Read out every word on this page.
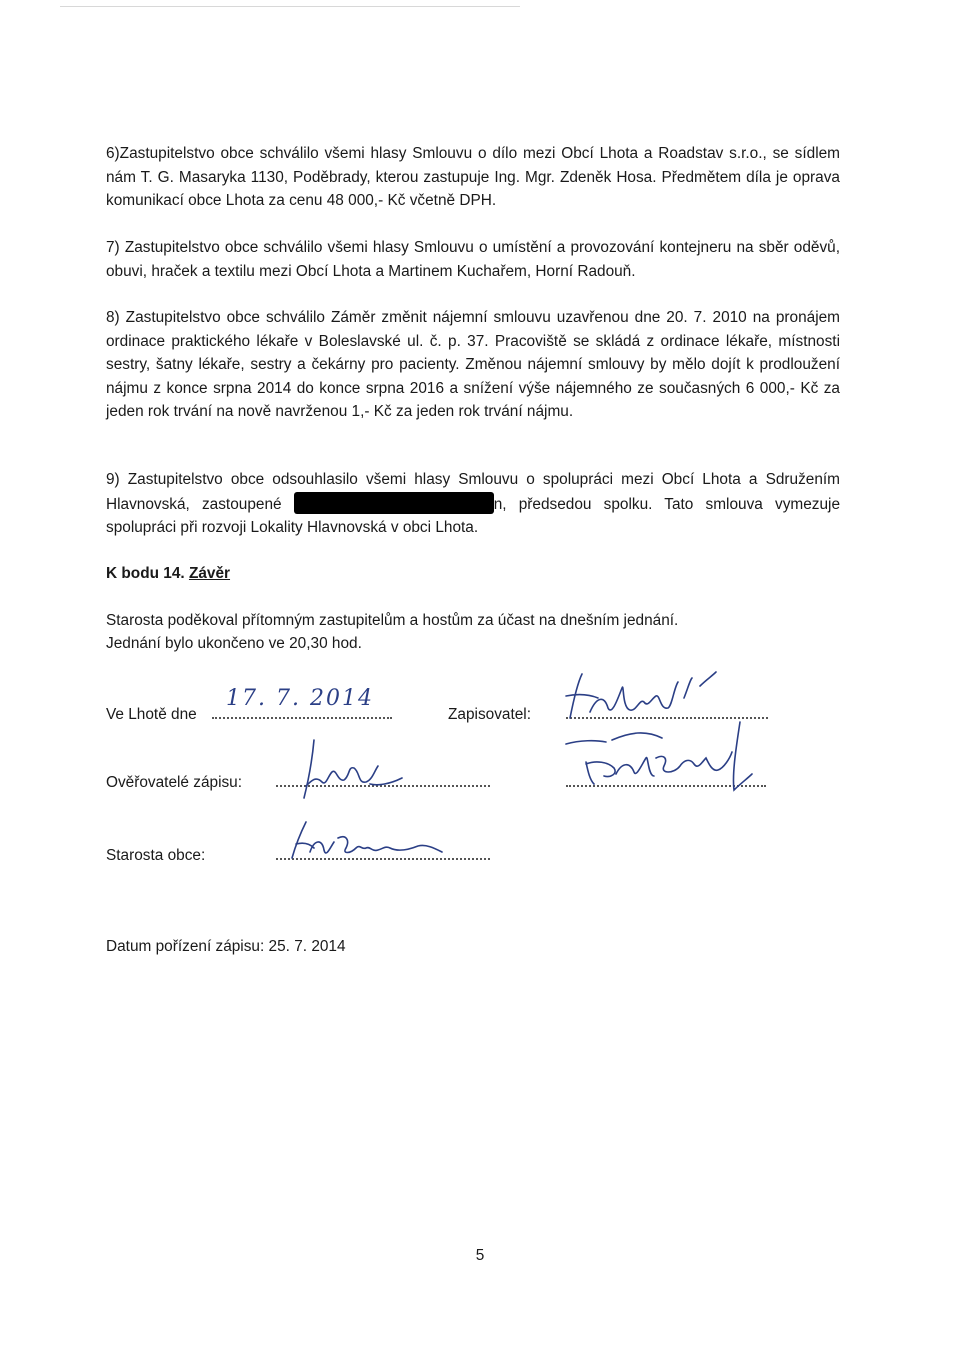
6)Zastupitelstvo obce schválilo všemi hlasy Smlouvu o dílo mezi Obcí Lhota a Roadstav s.r.o., se sídlem nám T. G. Masaryka 1130, Poděbrady, kterou zastupuje Ing. Mgr. Zdeněk Hosa. Předmětem díla je oprava komunikací obce Lhota za cenu 48 000,- Kč včetně DPH.

7) Zastupitelstvo obce schválilo všemi hlasy Smlouvu o umístění a provozování kontejneru na sběr oděvů, obuvi, hraček a textilu mezi Obcí Lhota a Martinem Kuchařem, Horní Radouň.

8) Zastupitelstvo obce schválilo Záměr změnit nájemní smlouvu uzavřenou dne 20. 7. 2010 na pronájem ordinace praktického lékaře v Boleslavské ul. č. p. 37. Pracoviště se skládá z ordinace lékaře, místnosti sestry, šatny lékaře, sestry a čekárny pro pacienty. Změnou nájemní smlouvy by mělo dojít k prodloužení nájmu z konce srpna 2014 do konce srpna 2016 a snížení výše nájemného ze současných 6 000,- Kč za jeden rok trvání na nově navrženou 1,- Kč za jeden rok trvání nájmu.

9) Zastupitelstvo obce odsouhlasilo všemi hlasy Smlouvu o spolupráci mezi Obcí Lhota a Sdružením Hlavnovská, zastoupené	n, předsedou spolku. Tato smlouva vymezuje spolupráci při rozvoji Lokality Hlavnovská v obci Lhota.

K bodu 14. Závěr

Starosta poděkoval přítomným zastupitelům a hostům za účast na dnešním jednání.

Jednání bylo ukončeno ve 20,30 hod.

Ve Lhotě dne
17. 7. 2014
Zapisovatel:
Ověřovatelé zápisu:
Starosta obce:

Datum pořízení zápisu: 25. 7. 2014

5
